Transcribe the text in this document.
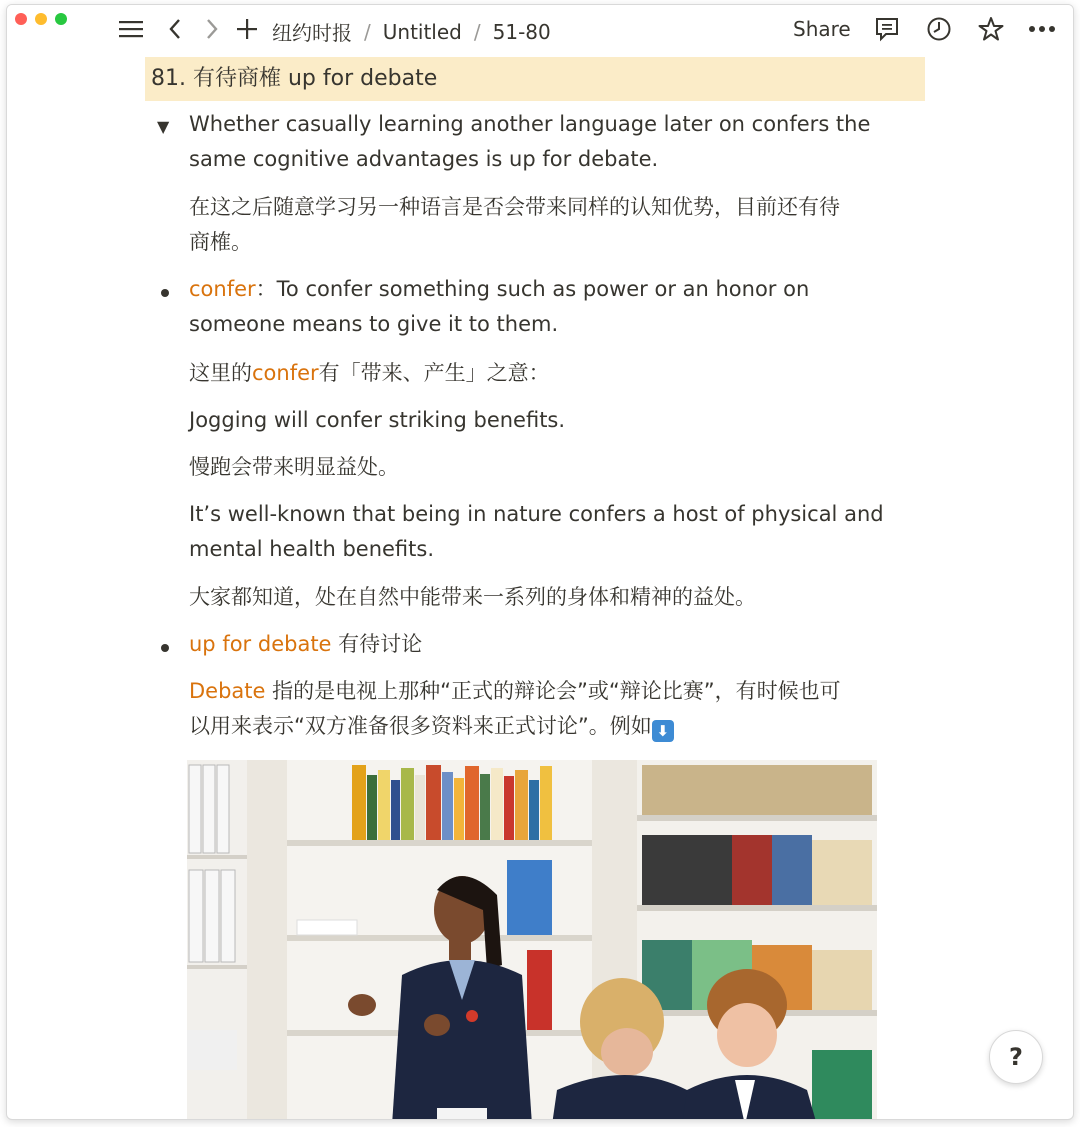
纽约时报 / Untitled / 51-80	Share
81. 有待商榷 up for debate
▼ Whether casually learning another language later on confers the
same cognitive advantages is up for debate.
在这之后随意学习另一种语言是否会带来同样的认知优势，目前还有待
商榷。
confer：To confer something such as power or an honor on
someone means to give it to them.
这里的confer有「带来、产生」之意：
Jogging will confer striking benefits.
慢跑会带来明显益处。
It’s well-known that being in nature confers a host of physical and
mental health benefits.
大家都知道，处在自然中能带来一系列的身体和精神的益处。
up for debate 有待讨论
Debate 指的是电视上那种“正式的辩论会”或“辩论比赛”，有时候也可
以用来表示“双方准备很多资料来正式讨论”。例如 ⬇
?
